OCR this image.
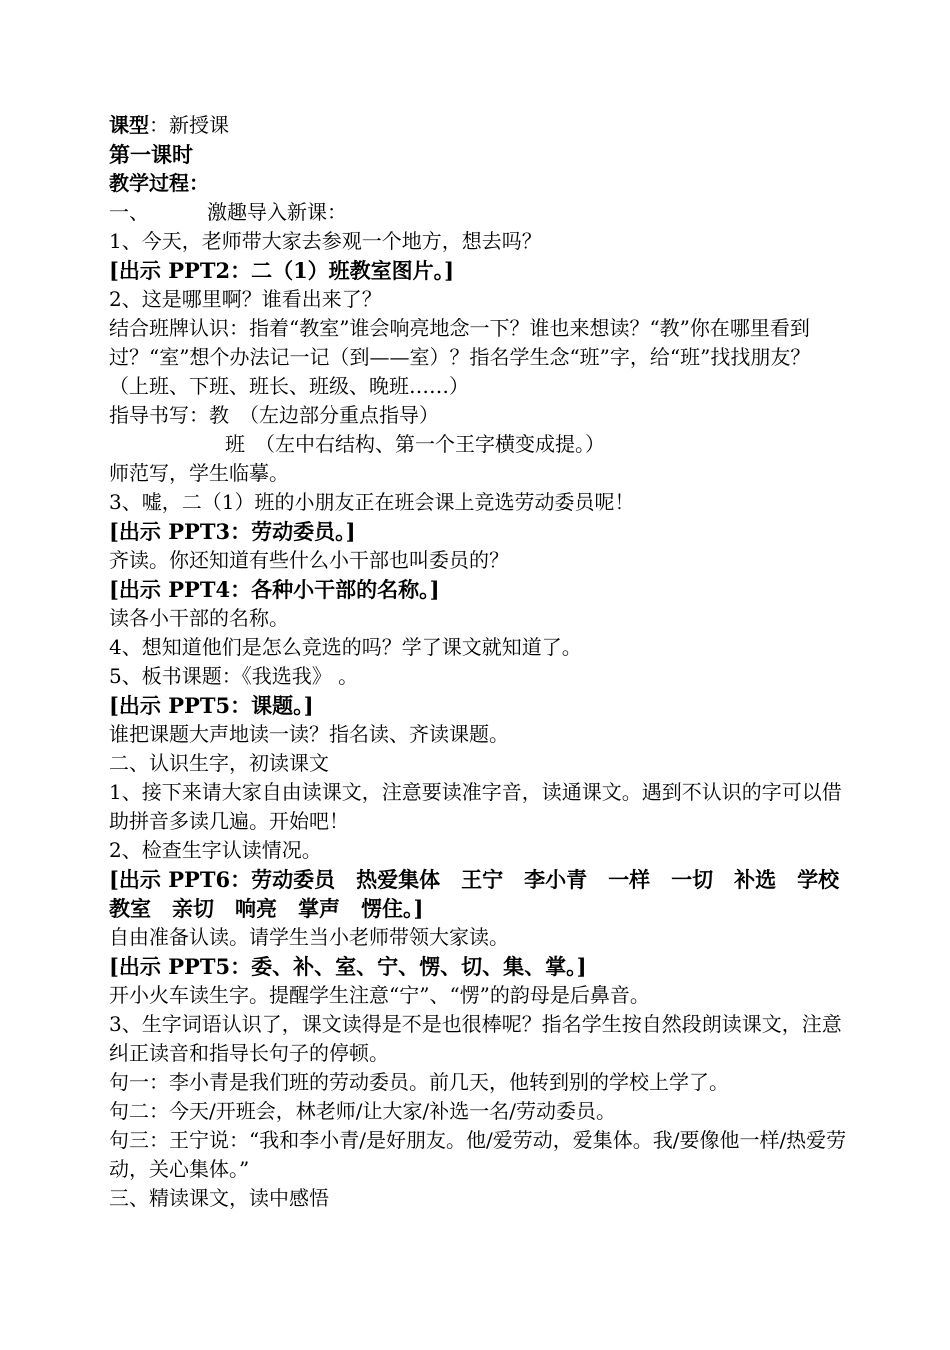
课型：新授课
第一课时
教学过程：
一、	激趣导入新课：
1、今天，老师带大家去参观一个地方，想去吗？
[出示 PPT2：二（1）班教室图片。]
2、这是哪里啊？谁看出来了？
结合班牌认识：指着“教室”谁会响亮地念一下？谁也来想读？“教”你在哪里看到过？“室”想个办法记一记（到——室）？指名学生念“班”字，给“班”找找朋友？（上班、下班、班长、班级、晚班……）
指导书写：教　 （左边部分重点指导）
班　 （左中右结构、第一个王字横变成提。）
师范写，学生临摹。
3、嘘，二（1）班的小朋友正在班会课上竞选劳动委员呢！
[出示 PPT3：劳动委员。]
齐读。你还知道有些什么小干部也叫委员的？
[出示 PPT4：各种小干部的名称。]
读各小干部的名称。
4、想知道他们是怎么竞选的吗？学了课文就知道了。
5、板书课题：《我选我》 。
[出示 PPT5：课题。]
谁把课题大声地读一读？指名读、齐读课题。
二、认识生字，初读课文
1、接下来请大家自由读课文，注意要读准字音，读通课文。遇到不认识的字可以借助拼音多读几遍。开始吧！
2、检查生字认读情况。
[出示 PPT6：劳动委员　热爱集体　王宁　李小青　一样　一切　补选　学校　教室　亲切　响亮　掌声　愣住。]
自由准备认读。请学生当小老师带领大家读。
[出示 PPT5：委、补、室、宁、愣、切、集、掌。]
开小火车读生字。提醒学生注意“宁”、“愣”的韵母是后鼻音。
3、生字词语认识了，课文读得是不是也很棒呢？指名学生按自然段朗读课文，注意纠正读音和指导长句子的停顿。
句一：李小青是我们班的劳动委员。前几天，他转到别的学校上学了。
句二：今天/开班会，林老师/让大家/补选一名/劳动委员。
句三：王宁说：“我和李小青/是好朋友。他/爱劳动，爱集体。我/要像他一样/热爱劳动，关心集体。”
三、精读课文，读中感悟
